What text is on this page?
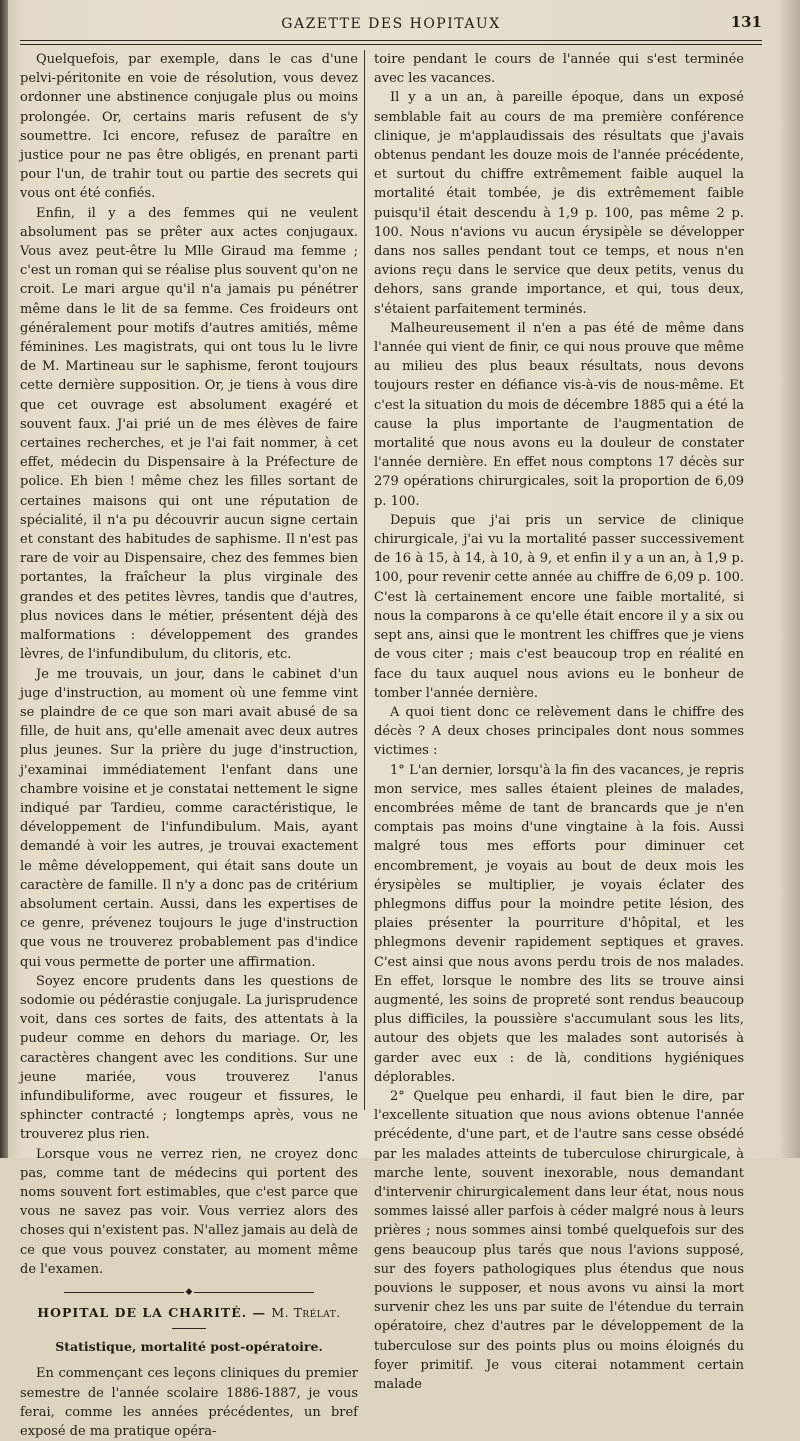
GAZETTE DES HOPITAUX	131

Quelquefois, par exemple, dans le cas d'une pelvi-péritonite en voie de résolution, vous devez ordonner une abstinence conjugale plus ou moins prolongée. Or, certains maris refusent de s'y soumettre. Ici encore, refusez de paraître en justice pour ne pas être obligés, en prenant parti pour l'un, de trahir tout ou partie des secrets qui vous ont été confiés.

Enfin, il y a des femmes qui ne veulent absolument pas se prêter aux actes conjugaux. Vous avez peut-être lu Mlle Giraud ma femme ; c'est un roman qui se réalise plus souvent qu'on ne croit. Le mari argue qu'il n'a jamais pu pénétrer même dans le lit de sa femme. Ces froideurs ont généralement pour motifs d'autres amitiés, même féminines. Les magistrats, qui ont tous lu le livre de M. Martineau sur le saphisme, feront toujours cette dernière supposition. Or, je tiens à vous dire que cet ouvrage est absolument exagéré et souvent faux. J'ai prié un de mes élèves de faire certaines recherches, et je l'ai fait nommer, à cet effet, médecin du Dispensaire à la Préfecture de police. Eh bien ! même chez les filles sortant de certaines maisons qui ont une réputation de spécialité, il n'a pu découvrir aucun signe certain et constant des habitudes de saphisme. Il n'est pas rare de voir au Dispensaire, chez des femmes bien portantes, la fraîcheur la plus virginale des grandes et des petites lèvres, tandis que d'autres, plus novices dans le métier, présentent déjà des malformations : développement des grandes lèvres, de l'infundibulum, du clitoris, etc.

Je me trouvais, un jour, dans le cabinet d'un juge d'instruction, au moment où une femme vint se plaindre de ce que son mari avait abusé de sa fille, de huit ans, qu'elle amenait avec deux autres plus jeunes. Sur la prière du juge d'instruction, j'examinai immédiatement l'enfant dans une chambre voisine et je constatai nettement le signe indiqué par Tardieu, comme caractéristique, le développement de l'infundibulum. Mais, ayant demandé à voir les autres, je trouvai exactement le même développement, qui était sans doute un caractère de famille. Il n'y a donc pas de critérium absolument certain. Aussi, dans les expertises de ce genre, prévenez toujours le juge d'instruction que vous ne trouverez probablement pas d'indice qui vous permette de porter une affirmation.

Soyez encore prudents dans les questions de sodomie ou pédérastie conjugale. La jurisprudence voit, dans ces sortes de faits, des attentats à la pudeur comme en dehors du mariage. Or, les caractères changent avec les conditions. Sur une jeune mariée, vous trouverez l'anus infundibuliforme, avec rougeur et fissures, le sphincter contracté ; longtemps après, vous ne trouverez plus rien.

Lorsque vous ne verrez rien, ne croyez donc pas, comme tant de médecins qui portent des noms souvent fort estimables, que c'est parce que vous ne savez pas voir. Vous verriez alors des choses qui n'existent pas. N'allez jamais au delà de ce que vous pouvez constater, au moment même de l'examen.

◆
HOPITAL DE LA CHARITÉ. — M. Trélat.
Statistique, mortalité post-opératoire.

En commençant ces leçons cliniques du premier semestre de l'année scolaire 1886-1887, je vous ferai, comme les années précédentes, un bref exposé de ma pratique opéra-

toire pendant le cours de l'année qui s'est terminée avec les vacances.

Il y a un an, à pareille époque, dans un exposé semblable fait au cours de ma première conférence clinique, je m'applaudissais des résultats que j'avais obtenus pendant les douze mois de l'année précédente, et surtout du chiffre extrêmement faible auquel la mortalité était tombée, je dis extrêmement faible puisqu'il était descendu à 1,9 p. 100, pas même 2 p. 100. Nous n'avions vu aucun érysipèle se développer dans nos salles pendant tout ce temps, et nous n'en avions reçu dans le service que deux petits, venus du dehors, sans grande importance, et qui, tous deux, s'étaient parfaitement terminés.

Malheureusement il n'en a pas été de même dans l'année qui vient de finir, ce qui nous prouve que même au milieu des plus beaux résultats, nous devons toujours rester en défiance vis-à-vis de nous-même. Et c'est la situation du mois de décembre 1885 qui a été la cause la plus importante de l'augmentation de mortalité que nous avons eu la douleur de constater l'année dernière. En effet nous comptons 17 décès sur 279 opérations chirurgicales, soit la proportion de 6,09 p. 100.

Depuis que j'ai pris un service de clinique chirurgicale, j'ai vu la mortalité passer successivement de 16 à 15, à 14, à 10, à 9, et enfin il y a un an, à 1,9 p. 100, pour revenir cette année au chiffre de 6,09 p. 100. C'est là certainement encore une faible mortalité, si nous la comparons à ce qu'elle était encore il y a six ou sept ans, ainsi que le montrent les chiffres que je viens de vous citer ; mais c'est beaucoup trop en réalité en face du taux auquel nous avions eu le bonheur de tomber l'année dernière.

A quoi tient donc ce relèvement dans le chiffre des décès ? A deux choses principales dont nous sommes victimes :

1° L'an dernier, lorsqu'à la fin des vacances, je repris mon service, mes salles étaient pleines de malades, encombrées même de tant de brancards que je n'en comptais pas moins d'une vingtaine à la fois. Aussi malgré tous mes efforts pour diminuer cet encombrement, je voyais au bout de deux mois les érysipèles se multiplier, je voyais éclater des phlegmons diffus pour la moindre petite lésion, des plaies présenter la pourriture d'hôpital, et les phlegmons devenir rapidement septiques et graves. C'est ainsi que nous avons perdu trois de nos malades. En effet, lorsque le nombre des lits se trouve ainsi augmenté, les soins de propreté sont rendus beaucoup plus difficiles, la poussière s'accumulant sous les lits, autour des objets que les malades sont autorisés à garder avec eux : de là, conditions hygiéniques déplorables.

2° Quelque peu enhardi, il faut bien le dire, par l'excellente situation que nous avions obtenue l'année précédente, d'une part, et de l'autre sans cesse obsédé par les malades atteints de tuberculose chirurgicale, à marche lente, souvent inexorable, nous demandant d'intervenir chirurgicalement dans leur état, nous nous sommes laissé aller parfois à céder malgré nous à leurs prières ; nous sommes ainsi tombé quelquefois sur des gens beaucoup plus tarés que nous l'avions supposé, sur des foyers pathologiques plus étendus que nous pouvions le supposer, et nous avons vu ainsi la mort survenir chez les uns par suite de l'étendue du terrain opératoire, chez d'autres par le développement de la tuberculose sur des points plus ou moins éloignés du foyer primitif. Je vous citerai notamment certain malade
